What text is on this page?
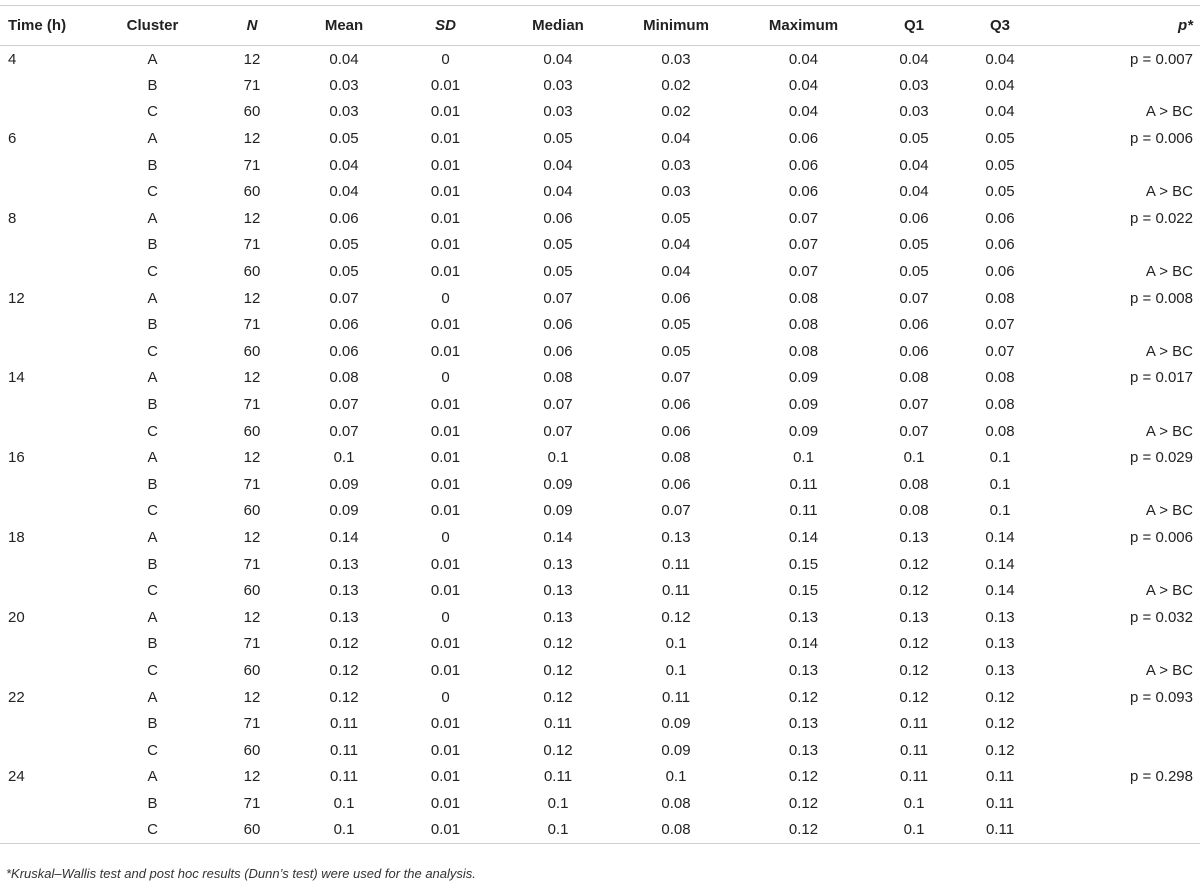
Time (h)	Cluster	N	Mean	SD	Median	Minimum	Maximum	Q1	Q3	p*
4	A	12	0.04	0	0.04	0.03	0.04	0.04	0.04	p = 0.007
	B	71	0.03	0.01	0.03	0.02	0.04	0.03	0.04	
	C	60	0.03	0.01	0.03	0.02	0.04	0.03	0.04	A > BC
6	A	12	0.05	0.01	0.05	0.04	0.06	0.05	0.05	p = 0.006
	B	71	0.04	0.01	0.04	0.03	0.06	0.04	0.05	
	C	60	0.04	0.01	0.04	0.03	0.06	0.04	0.05	A > BC
8	A	12	0.06	0.01	0.06	0.05	0.07	0.06	0.06	p = 0.022
	B	71	0.05	0.01	0.05	0.04	0.07	0.05	0.06	
	C	60	0.05	0.01	0.05	0.04	0.07	0.05	0.06	A > BC
12	A	12	0.07	0	0.07	0.06	0.08	0.07	0.08	p = 0.008
	B	71	0.06	0.01	0.06	0.05	0.08	0.06	0.07	
	C	60	0.06	0.01	0.06	0.05	0.08	0.06	0.07	A > BC
14	A	12	0.08	0	0.08	0.07	0.09	0.08	0.08	p = 0.017
	B	71	0.07	0.01	0.07	0.06	0.09	0.07	0.08	
	C	60	0.07	0.01	0.07	0.06	0.09	0.07	0.08	A > BC
16	A	12	0.1	0.01	0.1	0.08	0.1	0.1	0.1	p = 0.029
	B	71	0.09	0.01	0.09	0.06	0.11	0.08	0.1	
	C	60	0.09	0.01	0.09	0.07	0.11	0.08	0.1	A > BC
18	A	12	0.14	0	0.14	0.13	0.14	0.13	0.14	p = 0.006
	B	71	0.13	0.01	0.13	0.11	0.15	0.12	0.14	
	C	60	0.13	0.01	0.13	0.11	0.15	0.12	0.14	A > BC
20	A	12	0.13	0	0.13	0.12	0.13	0.13	0.13	p = 0.032
	B	71	0.12	0.01	0.12	0.1	0.14	0.12	0.13	
	C	60	0.12	0.01	0.12	0.1	0.13	0.12	0.13	A > BC
22	A	12	0.12	0	0.12	0.11	0.12	0.12	0.12	p = 0.093
	B	71	0.11	0.01	0.11	0.09	0.13	0.11	0.12	
	C	60	0.11	0.01	0.12	0.09	0.13	0.11	0.12	
24	A	12	0.11	0.01	0.11	0.1	0.12	0.11	0.11	p = 0.298
	B	71	0.1	0.01	0.1	0.08	0.12	0.1	0.11	
	C	60	0.1	0.01	0.1	0.08	0.12	0.1	0.11	
*Kruskal–Wallis test and post hoc results (Dunn’s test) were used for the analysis.
